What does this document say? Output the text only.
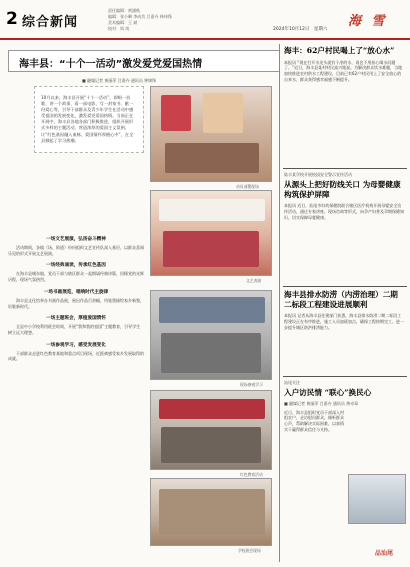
2 综合新闻
责任编辑：黄涵秋
编辑：张小琳 李成功 吕嘉卉 林伟锋
美术编辑：王 斌
校对：周 岗	2024年10月12日　星期六
海 雪
海丰县：“十个一活动”激发爱党爱国热情
■ 融媒记者 黄丽萍 吕嘉卉 通讯员 钟锦锋

10月以来，海丰县开展“十个一活动”，即唱一首歌、讲一个故事、看一部电影、写一封家书、献一份爱心等，引导干部群众及青少年学生在活动中感受祖国的发展变化，激发爱党爱国热情。当前正在开展中，海丰县各地各部门积极推进，组织开展形式多样的主题活动，营造浓厚的爱国主义氛围，让“红色基因融入血脉，爱国情怀厚植心中”，在全县掀起了学习热潮。

动员部署现场
文艺表演
现场参观学习
红色教育活动
学校班会现场
一场文艺展演，弘扬奋斗精神

活动期间，各镇（场、街道）纷纷组织文艺宣传队深入基层，以群众喜闻乐见的形式开展文艺展演。

一场经典诵读，传承红色基因

在海丰县城东镇，党员干部与辖区群众一起朗诵经典诗篇，回顾党的光辉历程，现场气氛热烈。

一场书画展览，唱响时代主旋律

海丰县文化馆举办书画作品展，展出作品百余幅，用笔墨描绘家乡新貌，讴歌新时代。

一场主题班会，厚植爱国情怀

全县中小学校利用班会时间，开展“我和我的祖国”主题教育，引导学生树立远大理想。

一场参观学习，感受发展变化

干部群众走进红色教育基地和重点项目现场，近距离感受家乡发展取得的成就。

海丰：62户村民喝上了“放心水”

本报讯 “现在打开水龙头就有干净的水，再也不用担心喝水问题了。”近日，海丰县某村村民高兴地说。为解决群众饮水难题，当地加快推进农村供水工程建设，目前已有62户村民用上了安全放心的自来水，群众获得感幸福感不断提升。

陆丰某学校开展校园安全警示宣传活动
从源头上把好防线关口 为母婴健康构筑保护屏障

本报讯 近日，汕尾市妇幼保健院联合辖区医疗机构开展母婴安全宣传活动，通过专家讲座、现场咨询等形式，向孕产妇普及孕期保健知识，切实保障母婴健康。

海丰县排水防涝（内涝治理）二期二标段工程建设进展顺利

本报讯 记者从海丰县住建部门获悉，海丰县排水防涝二期二标段工程建设正在有序推进，施工人员加班加点，确保工程按期完工，进一步提升城区防洪排涝能力。

汕尾关注
入户访民情 “联心”换民心
■ 融媒记者 黄丽萍 吕嘉卉 通讯员 黄卓章

近日，海丰县组织党员干部深入村组农户，走访慰问群众，倾听群众心声，帮助解决实际困难，以真情实干赢得群众信任与支持。

品汕尾
